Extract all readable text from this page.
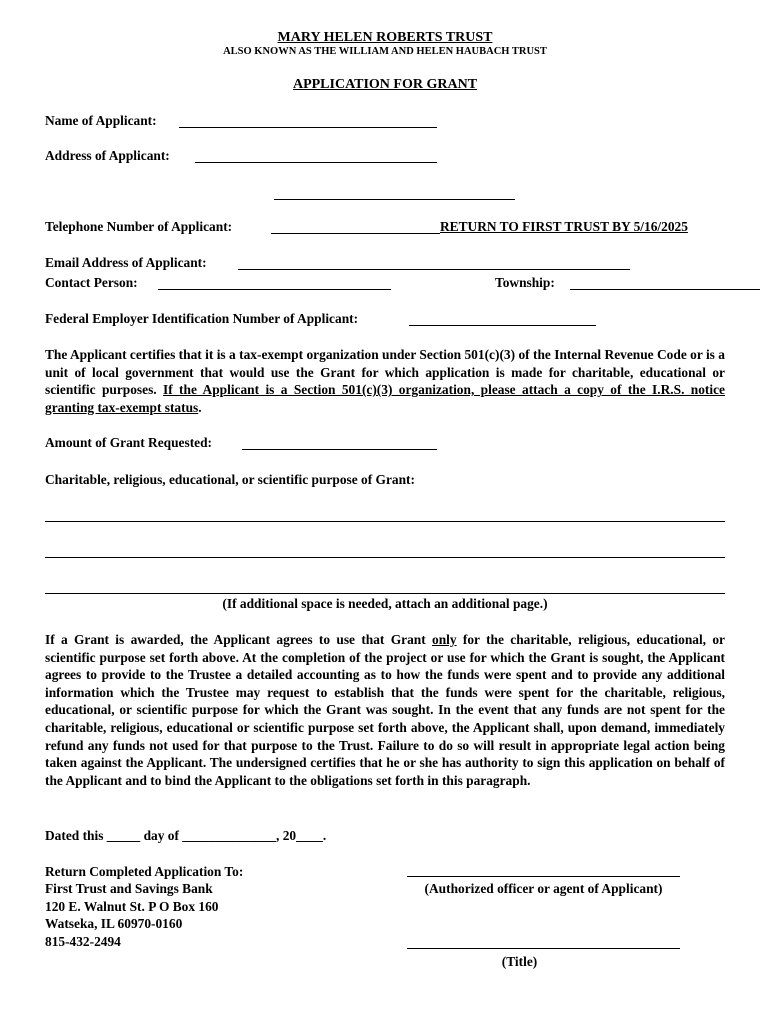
MARY HELEN ROBERTS TRUST
ALSO KNOWN AS THE WILLIAM AND HELEN HAUBACH TRUST
APPLICATION FOR GRANT
Name of Applicant:
Address of Applicant:
Telephone Number of Applicant:	RETURN TO FIRST TRUST BY 5/16/2025
Email Address of Applicant:
Contact Person:	Township:
Federal Employer Identification Number of Applicant:
The Applicant certifies that it is a tax-exempt organization under Section 501(c)(3) of the Internal Revenue Code or is a unit of local government that would use the Grant for which application is made for charitable, educational or scientific purposes. If the Applicant is a Section 501(c)(3) organization, please attach a copy of the I.R.S. notice granting tax-exempt status.
Amount of Grant Requested:
Charitable, religious, educational, or scientific purpose of Grant:
(If additional space is needed, attach an additional page.)
If a Grant is awarded, the Applicant agrees to use that Grant only for the charitable, religious, educational, or scientific purpose set forth above. At the completion of the project or use for which the Grant is sought, the Applicant agrees to provide to the Trustee a detailed accounting as to how the funds were spent and to provide any additional information which the Trustee may request to establish that the funds were spent for the charitable, religious, educational, or scientific purpose for which the Grant was sought. In the event that any funds are not spent for the charitable, religious, educational or scientific purpose set forth above, the Applicant shall, upon demand, immediately refund any funds not used for that purpose to the Trust. Failure to do so will result in appropriate legal action being taken against the Applicant. The undersigned certifies that he or she has authority to sign this application on behalf of the Applicant and to bind the Applicant to the obligations set forth in this paragraph.
Dated this _____ day of ______________, 20____.
Return Completed Application To:
First Trust and Savings Bank
120 E. Walnut St. P O Box 160
Watseka, IL 60970-0160
815-432-2494
(Authorized officer or agent of Applicant)
(Title)
